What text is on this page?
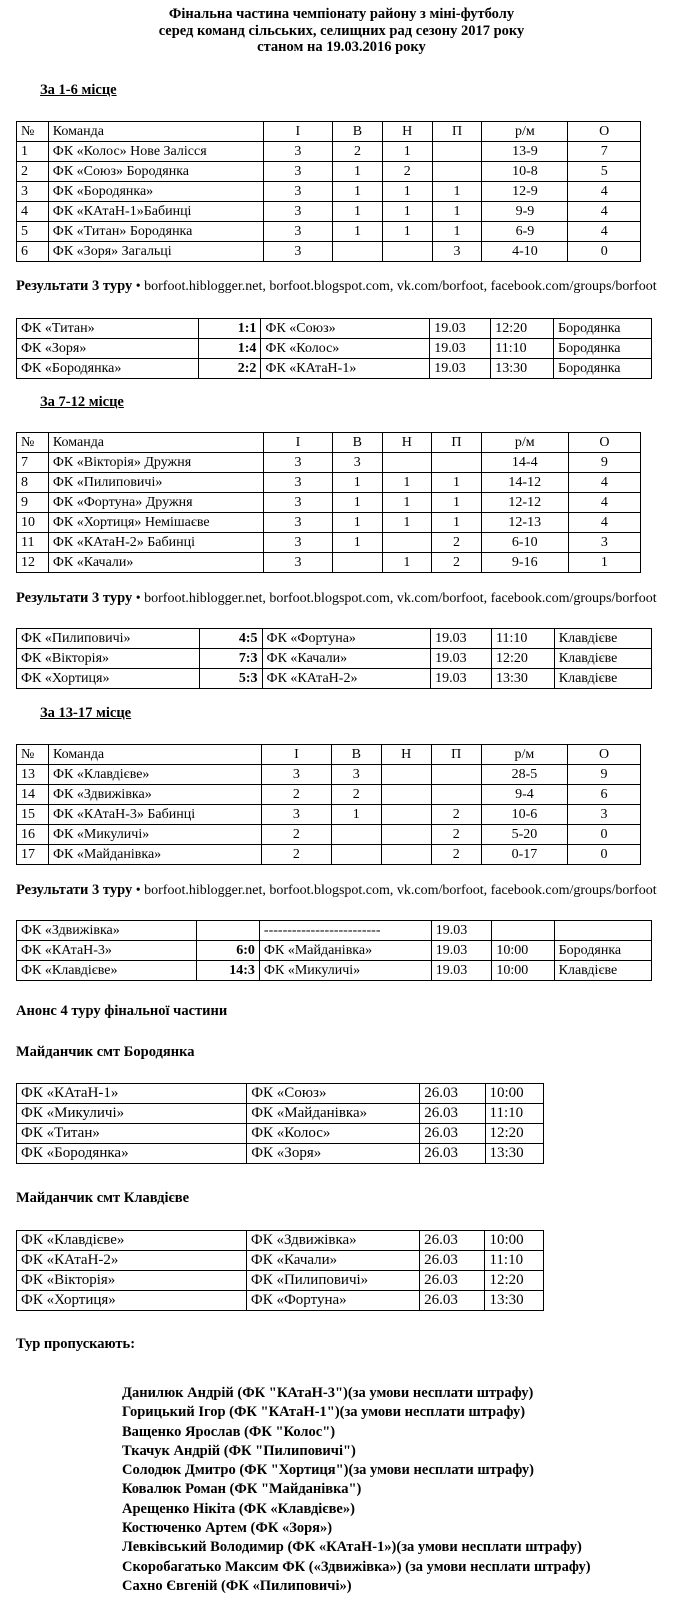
Фінальна частина чемпіонату району з міні-футболу
серед команд сільських, селищних рад сезону 2017 року
станом на 19.03.2016 року
За 1-6 місце
№	Команда	І	В	Н	П	р/м	О
1	ФК «Колос» Нове Залісся	3	2	1		13-9	7
2	ФК «Союз» Бородянка	3	1	2		10-8	5
3	ФК «Бородянка»	3	1	1	1	12-9	4
4	ФК «КАтаН-1»Бабинці	3	1	1	1	9-9	4
5	ФК «Титан» Бородянка	3	1	1	1	6-9	4
6	ФК «Зоря» Загальці	3			3	4-10	0
Результати 3 туру • borfoot.hiblogger.net, borfoot.blogspot.com, vk.com/borfoot, facebook.com/groups/borfoot
ФК «Титан»	1:1	ФК «Союз»	19.03	12:20	Бородянка
ФК «Зоря»	1:4	ФК «Колос»	19.03	11:10	Бородянка
ФК «Бородянка»	2:2	ФК «КАтаН-1»	19.03	13:30	Бородянка
За 7-12 місце
№	Команда	І	В	Н	П	р/м	О
7	ФК «Вікторія» Дружня	3	3			14-4	9
8	ФК «Пилиповичі»	3	1	1	1	14-12	4
9	ФК «Фортуна» Дружня	3	1	1	1	12-12	4
10	ФК «Хортиця» Немішаєве	3	1	1	1	12-13	4
11	ФК «КАтаН-2» Бабинці	3	1		2	6-10	3
12	ФК «Качали»	3		1	2	9-16	1
Результати 3 туру • borfoot.hiblogger.net, borfoot.blogspot.com, vk.com/borfoot, facebook.com/groups/borfoot
ФК «Пилиповичі»	4:5	ФК «Фортуна»	19.03	11:10	Клавдієве
ФК «Вікторія»	7:3	ФК «Качали»	19.03	12:20	Клавдієве
ФК «Хортиця»	5:3	ФК «КАтаН-2»	19.03	13:30	Клавдієве
За 13-17 місце
№	Команда	І	В	Н	П	р/м	О
13	ФК «Клавдієве»	3	3			28-5	9
14	ФК «Здвижівка»	2	2			9-4	6
15	ФК «КАтаН-3» Бабинці	3	1		2	10-6	3
16	ФК «Микуличі»	2			2	5-20	0
17	ФК «Майданівка»	2			2	0-17	0
Результати 3 туру • borfoot.hiblogger.net, borfoot.blogspot.com, vk.com/borfoot, facebook.com/groups/borfoot
ФК «Здвижівка»		-------------------------	19.03		
ФК «КАтаН-3»	6:0	ФК «Майданівка»	19.03	10:00	Бородянка
ФК «Клавдієве»	14:3	ФК «Микуличі»	19.03	10:00	Клавдієве
Анонс 4 туру фінальної частини
Майданчик смт Бородянка
ФК «КАтаН-1»	ФК «Союз»	26.03	10:00
ФК «Микуличі»	ФК «Майданівка»	26.03	11:10
ФК «Титан»	ФК «Колос»	26.03	12:20
ФК «Бородянка»	ФК «Зоря»	26.03	13:30
Майданчик смт Клавдієве
ФК «Клавдієве»	ФК «Здвижівка»	26.03	10:00
ФК «КАтаН-2»	ФК «Качали»	26.03	11:10
ФК «Вікторія»	ФК «Пилиповичі»	26.03	12:20
ФК «Хортиця»	ФК «Фортуна»	26.03	13:30
Тур пропускають:
Данилюк Андрій (ФК "КАтаН-3")(за умови несплати штрафу)
Горицький Ігор (ФК "КАтаН-1")(за умови несплати штрафу)
Ващенко Ярослав (ФК "Колос")
Ткачук Андрій (ФК "Пилиповичі")
Солодюк Дмитро (ФК "Хортиця")(за умови несплати штрафу)
Ковалюк Роман (ФК "Майданівка")
Арещенко Нікіта (ФК «Клавдієве»)
Костюченко Артем (ФК «Зоря»)
Левківський Володимир (ФК «КАтаН-1»)(за умови несплати штрафу)
Скоробагатько Максим ФК («Здвижівка») (за умови несплати штрафу)
Сахно Євгеній (ФК «Пилиповичі»)
